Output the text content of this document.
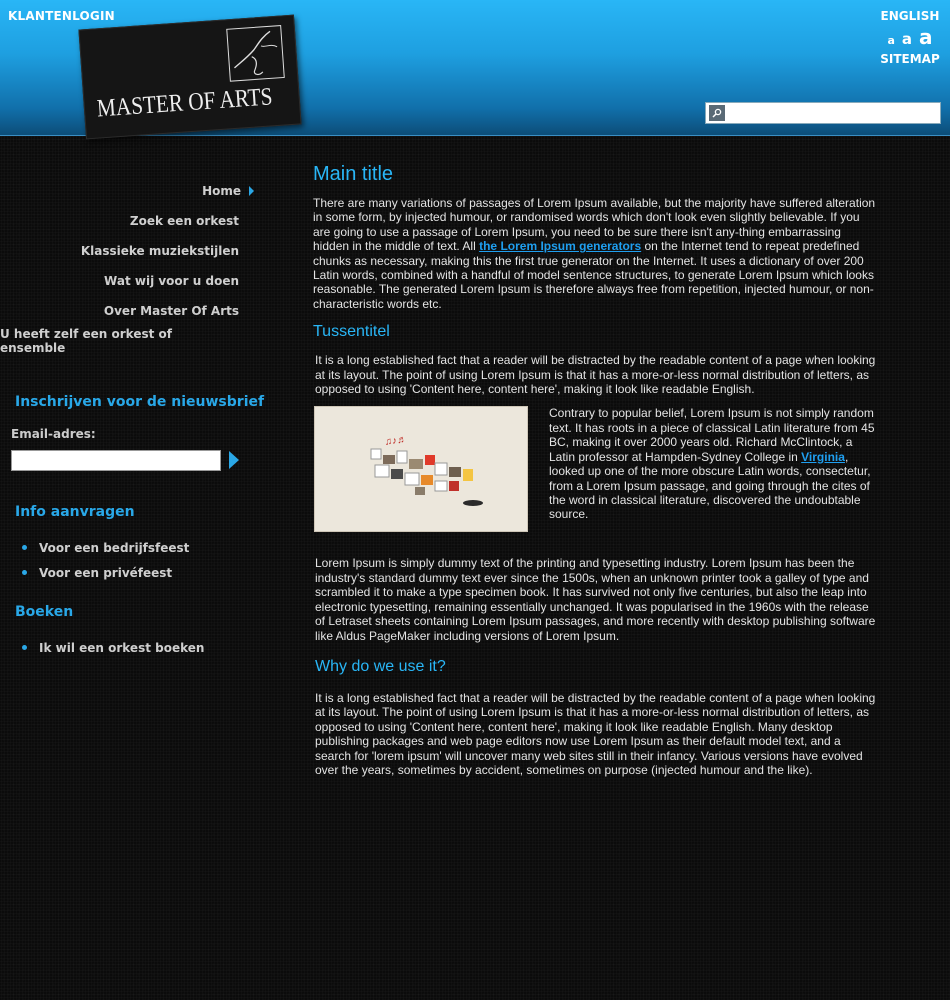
KLANTENLOGIN
MASTER OF ARTS
ENGLISH
a a a
SITEMAP
Home
Zoek een orkest
Klassieke muziekstijlen
Wat wij voor u doen
Over Master Of Arts
U heeft zelf een orkest of ensemble
Inschrijven voor de nieuwsbrief
Email-adres:
Info aanvragen
Voor een bedrijfsfeest
Voor een privéfeest
Boeken
Ik wil een orkest boeken
Main title

There are many variations of passages of Lorem Ipsum available, but the majority have suffered alteration in some form, by injected humour, or randomised words which don't look even slightly believable. If you are going to use a passage of Lorem Ipsum, you need to be sure there isn't any-thing embarrassing hidden in the middle of text. All the Lorem Ipsum generators on the Internet tend to repeat predefined chunks as necessary, making this the first true generator on the Internet. It uses a dictionary of over 200 Latin words, combined with a handful of model sentence structures, to generate Lorem Ipsum which looks reasonable. The generated Lorem Ipsum is therefore always free from repetition, injected humour, or non-characteristic words etc.

Tussentitel

It is a long established fact that a reader will be distracted by the readable content of a page when looking at its layout. The point of using Lorem Ipsum is that it has a more-or-less normal distribution of letters, as opposed to using 'Content here, content here', making it look like readable English.

♫♪♬

Contrary to popular belief, Lorem Ipsum is not simply random text. It has roots in a piece of classical Latin literature from 45 BC, making it over 2000 years old. Richard McClintock, a Latin professor at Hampden-Sydney College in Virginia, looked up one of the more obscure Latin words, consectetur, from a Lorem Ipsum passage, and going through the cites of the word in classical literature, discovered the undoubtable source.

Lorem Ipsum is simply dummy text of the printing and typesetting industry. Lorem Ipsum has been the industry's standard dummy text ever since the 1500s, when an unknown printer took a galley of type and scrambled it to make a type specimen book. It has survived not only five centuries, but also the leap into electronic typesetting, remaining essentially unchanged. It was popularised in the 1960s with the release of Letraset sheets containing Lorem Ipsum passages, and more recently with desktop publishing software like Aldus PageMaker including versions of Lorem Ipsum.

Why do we use it?

It is a long established fact that a reader will be distracted by the readable content of a page when looking at its layout. The point of using Lorem Ipsum is that it has a more-or-less normal distribution of letters, as opposed to using 'Content here, content here', making it look like readable English. Many desktop publishing packages and web page editors now use Lorem Ipsum as their default model text, and a search for 'lorem ipsum' will uncover many web sites still in their infancy. Various versions have evolved over the years, sometimes by accident, sometimes on purpose (injected humour and the like).
